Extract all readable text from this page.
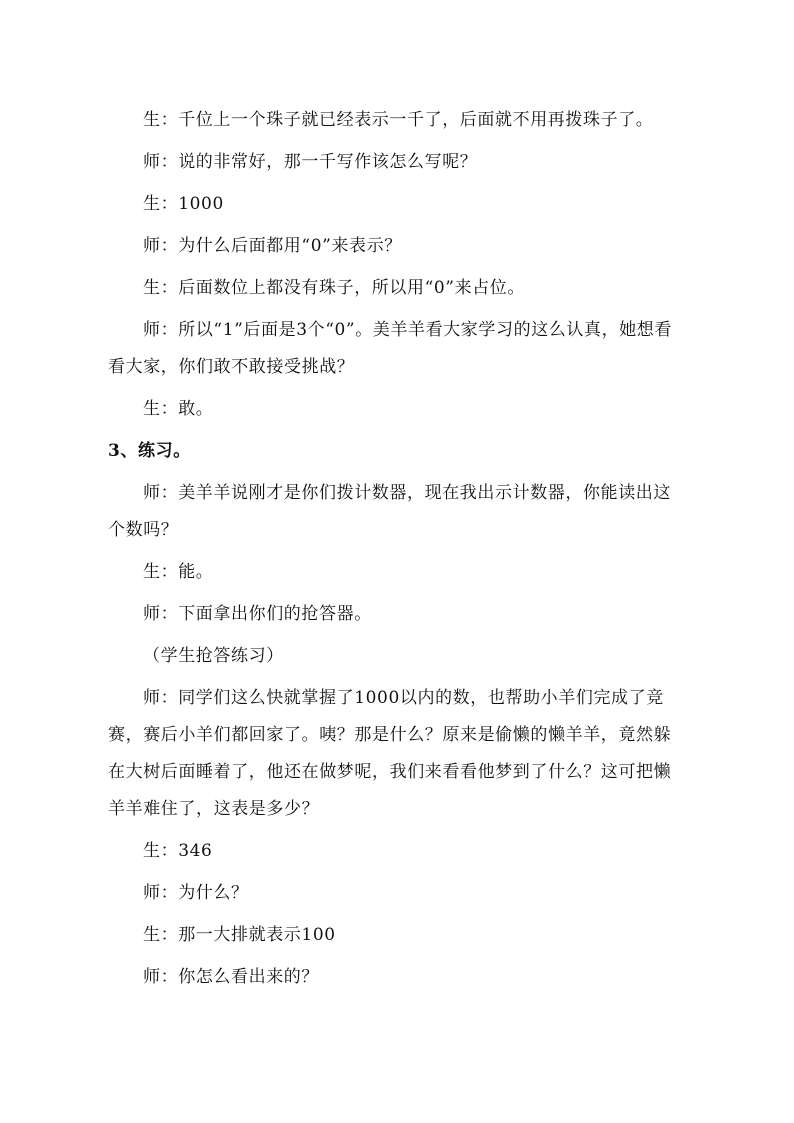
生：千位上一个珠子就已经表示一千了，后面就不用再拨珠子了。

师：说的非常好，那一千写作该怎么写呢？

生：1000

师：为什么后面都用“0”来表示？

生：后面数位上都没有珠子，所以用“0”来占位。

师：所以“1”后面是3个“0”。美羊羊看大家学习的这么认真，她想看看大家，你们敢不敢接受挑战？

生：敢。

3、练习。

师：美羊羊说刚才是你们拨计数器，现在我出示计数器，你能读出这个数吗？

生：能。

师：下面拿出你们的抢答器。

（学生抢答练习）

师：同学们这么快就掌握了1000以内的数，也帮助小羊们完成了竞赛，赛后小羊们都回家了。咦？那是什么？原来是偷懒的懒羊羊，竟然躲在大树后面睡着了，他还在做梦呢，我们来看看他梦到了什么？这可把懒羊羊难住了，这表是多少？

生：346

师：为什么？

生：那一大排就表示100

师：你怎么看出来的？
